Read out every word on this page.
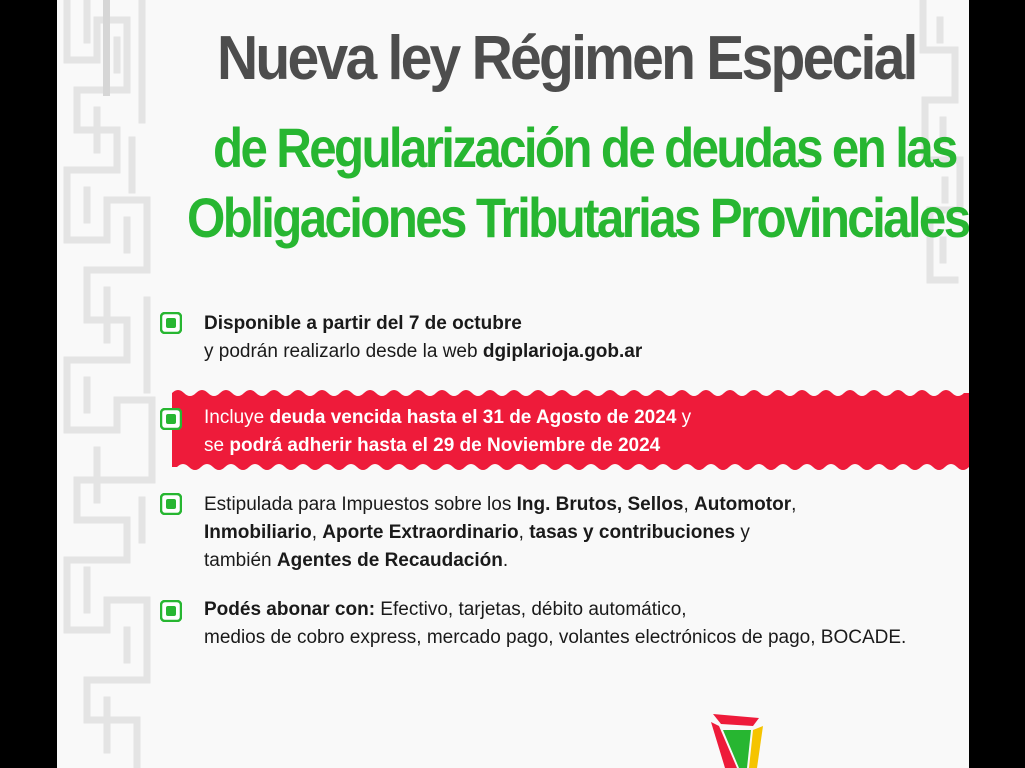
Nueva ley Régimen Especial
de Regularización de deudas en las
Obligaciones Tributarias Provinciales
Disponible a partir del 7 de octubre
y podrán realizarlo desde la web dgiplarioja.gob.ar
Incluye deuda vencida hasta el 31 de Agosto de 2024 y
se podrá adherir hasta el 29 de Noviembre de 2024
Estipulada para Impuestos sobre los Ing. Brutos, Sellos, Automotor,
Inmobiliario, Aporte Extraordinario, tasas y contribuciones y
también Agentes de Recaudación.
Podés abonar con: Efectivo, tarjetas, débito automático,
medios de cobro express, mercado pago, volantes electrónicos de pago, BOCADE.
